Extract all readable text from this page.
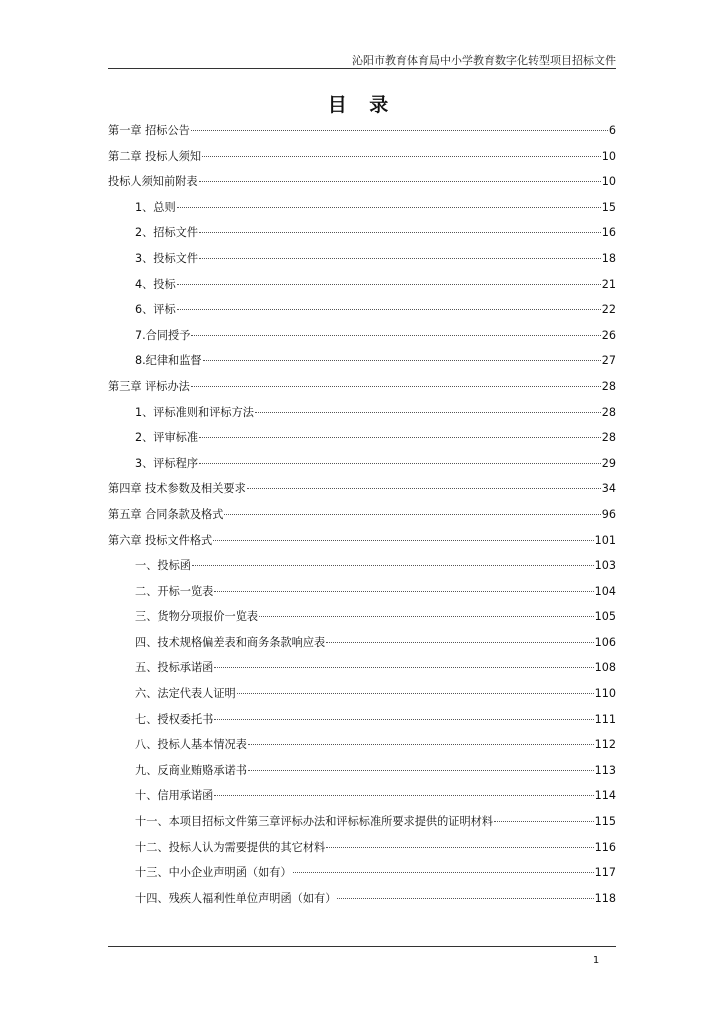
沁阳市教育体育局中小学教育数字化转型项目招标文件
目 录
第一章 招标公告	6
第二章 投标人须知	10
投标人须知前附表	10
1、总则	15
2、招标文件	16
3、投标文件	18
4、投标	21
6、评标	22
7.合同授予	26
8.纪律和监督	27
第三章 评标办法	28
1、评标准则和评标方法	28
2、评审标准	28
3、评标程序	29
第四章 技术参数及相关要求	34
第五章 合同条款及格式	96
第六章 投标文件格式	101
一、投标函	103
二、开标一览表	104
三、货物分项报价一览表	105
四、技术规格偏差表和商务条款响应表	106
五、投标承诺函	108
六、法定代表人证明	110
七、授权委托书	111
八、投标人基本情况表	112
九、反商业贿赂承诺书	113
十、信用承诺函	114
十一、本项目招标文件第三章评标办法和评标标准所要求提供的证明材料	115
十二、投标人认为需要提供的其它材料	116
十三、中小企业声明函（如有）	117
十四、残疾人福利性单位声明函（如有）	118
1
